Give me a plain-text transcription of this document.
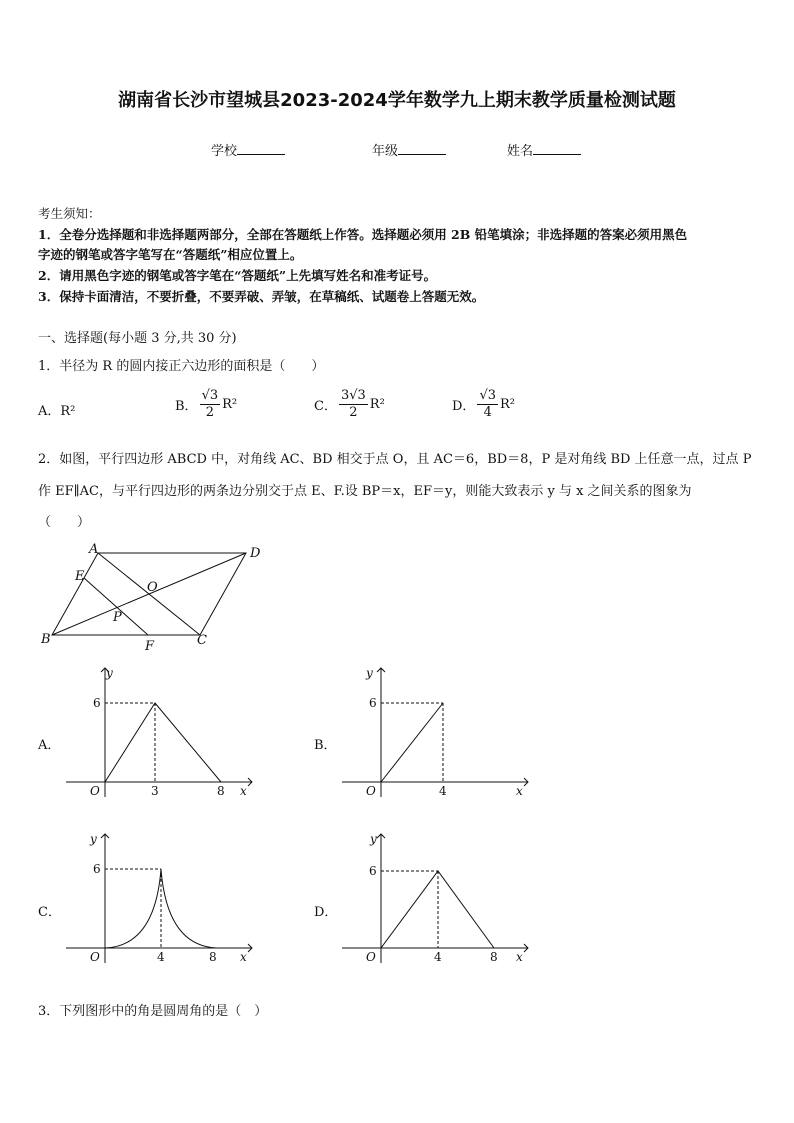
湖南省长沙市望城县2023-2024学年数学九上期末教学质量检测试题
学校	年级	姓名
考生须知：
1．全卷分选择题和非选择题两部分，全部在答题纸上作答。选择题必须用 2B 铅笔填涂；非选择题的答案必须用黑色
字迹的钢笔或答字笔写在“答题纸”相应位置上。
2．请用黑色字迹的钢笔或答字笔在“答题纸”上先填写姓名和准考证号。
3．保持卡面清洁，不要折叠，不要弄破、弄皱，在草稿纸、试题卷上答题无效。
一、选择题(每小题 3 分,共 30 分)
1．半径为 R 的圆内接正六边形的面积是（　　）
A．R²	B． $\frac{√3}{2} R^2$	C． $\frac{3√3}{2} R^2$	D． $\frac{√3}{4} R^2$
2．如图，平行四边形 ABCD 中，对角线 AC、BD 相交于点 O，且 AC＝6，BD＝8，P 是对角线 BD 上任意一点，过点 P
作 EF∥AC，与平行四边形的两条边分别交于点 E、F.设 BP＝x，EF＝y，则能大致表示 y 与 x 之间关系的图象为
（　　）
A	D
B	C
E
F
O
P
A．	B．
C．	D．
y
x
O
6
3	8
y
x
O
6
4
y
x
O
6
4	8
y
x
O
6
4	8
3．下列图形中的角是圆周角的是（　）
